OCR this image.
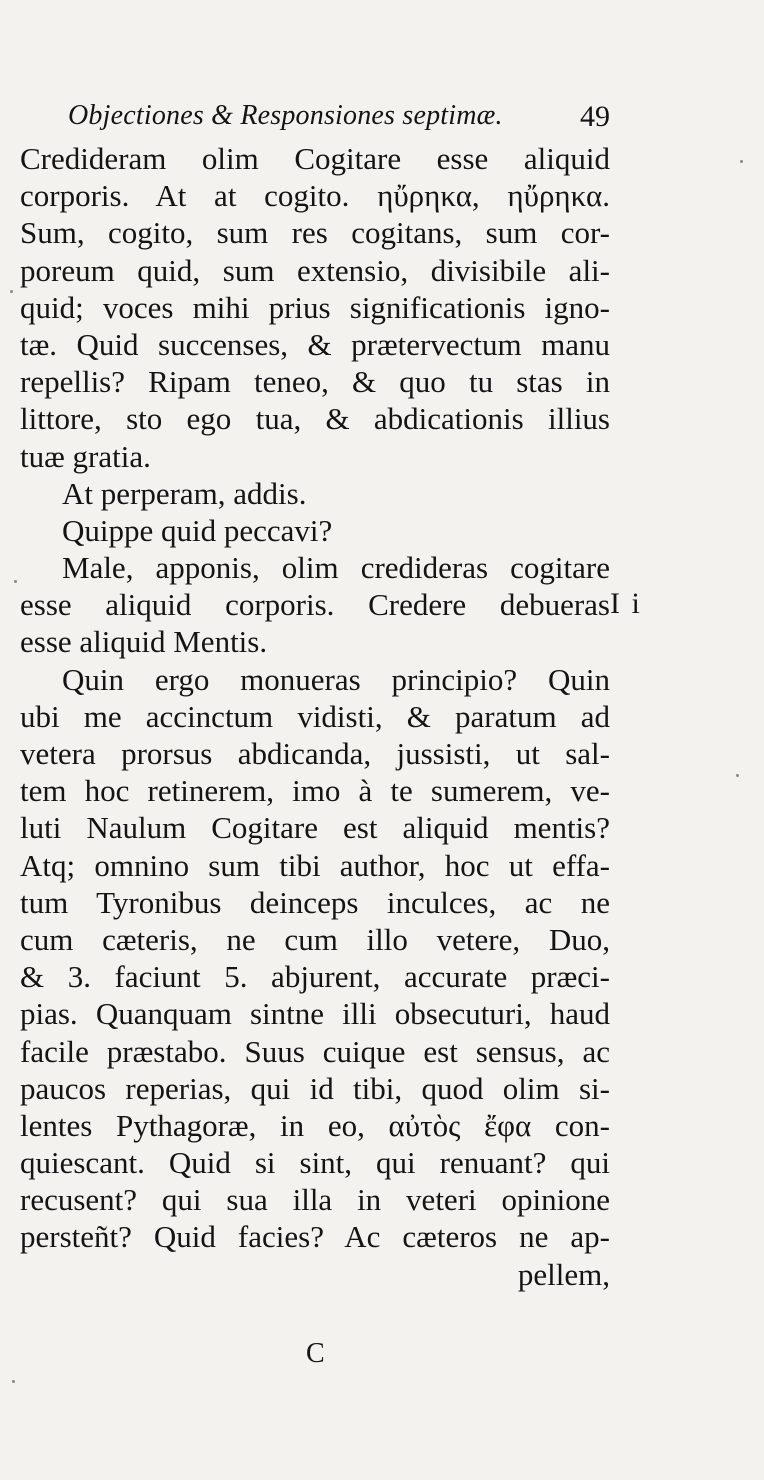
Objectiones & Responsiones septimæ.	49
Credideram olim Cogitare esse aliquid
corporis. At at cogito. ηὔρηκα, ηὔρηκα.
Sum, cogito, sum res cogitans, sum cor-
poreum quid, sum extensio, divisibile ali-
quid; voces mihi prius significationis igno-
tæ. Quid succenses, & prætervectum manu
repellis? Ripam teneo, & quo tu stas in
littore, sto ego tua, & abdicationis illius
tuæ gratia.
At perperam, addis.
Quippe quid peccavi?
Male, apponis, olim credideras cogitare
esse aliquid corporis. Credere debueras
esse aliquid Mentis.
Quin ergo monueras principio? Quin
ubi me accinctum vidisti, & paratum ad
vetera prorsus abdicanda, jussisti, ut sal-
tem hoc retinerem, imo à te sumerem, ve-
luti Naulum Cogitare est aliquid mentis?
Atq; omnino sum tibi author, hoc ut effa-
tum Tyronibus deinceps inculces, ac ne
cum cæteris, ne cum illo vetere, Duo,
& 3. faciunt 5. abjurent, accurate præci-
pias. Quanquam sintne illi obsecuturi, haud
facile præstabo. Suus cuique est sensus, ac
paucos reperias, qui id tibi, quod olim si-
lentes Pythagoræ, in eo, αὐτὸς ἔφα con-
quiescant. Quid si sint, qui renuant? qui
recusent? qui sua illa in veteri opinione
persteñt? Quid facies? Ac cæteros ne ap-
pellem,
I i
C
